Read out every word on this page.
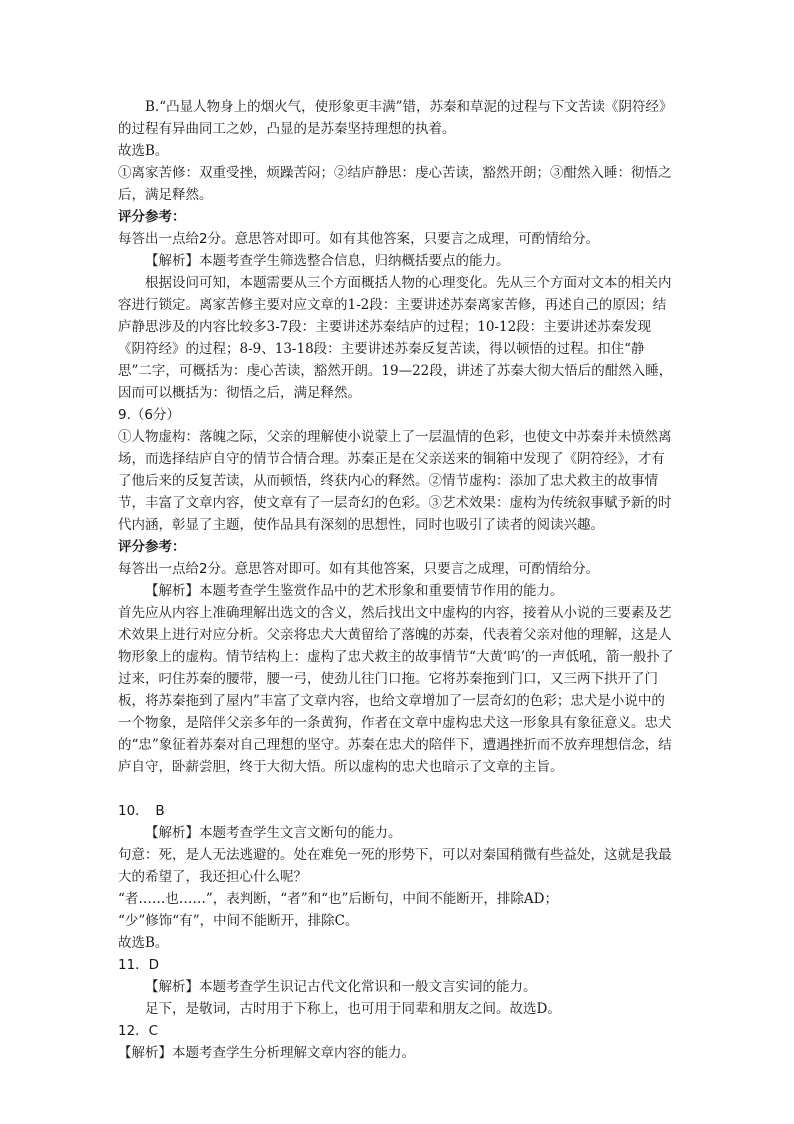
B.“凸显人物身上的烟火气，使形象更丰满”错，苏秦和草泥的过程与下文苦读《阴符经》的过程有异曲同工之妙，凸显的是苏秦坚持理想的执着。

故选B。

①离家苦修：双重受挫，烦躁苦闷；②结庐静思：虔心苦读，豁然开朗；③酣然入睡：彻悟之后，满足释然。

评分参考：

每答出一点给2分。意思答对即可。如有其他答案，只要言之成理，可酌情给分。

【解析】本题考查学生筛选整合信息，归纳概括要点的能力。

根据设问可知，本题需要从三个方面概括人物的心理变化。先从三个方面对文本的相关内容进行锁定。离家苦修主要对应文章的1-2段：主要讲述苏秦离家苦修，再述自己的原因；结庐静思涉及的内容比较多3-7段：主要讲述苏秦结庐的过程；10-12段：主要讲述苏秦发现《阴符经》的过程；8-9、13-18段：主要讲述苏秦反复苦读，得以顿悟的过程。扣住“静思”二字，可概括为：虔心苦读，豁然开朗。19—22段，讲述了苏秦大彻大悟后的酣然入睡，因而可以概括为：彻悟之后，满足释然。

9.（6分）

①人物虚构：落魄之际，父亲的理解使小说蒙上了一层温情的色彩，也使文中苏秦并未愤然离场，而选择结庐自守的情节合情合理。苏秦正是在父亲送来的铜箱中发现了《阴符经》，才有了他后来的反复苦读，从而顿悟，终获内心的释然。②情节虚构：添加了忠犬救主的故事情节，丰富了文章内容，使文章有了一层奇幻的色彩。③艺术效果：虚构为传统叙事赋予新的时代内涵，彰显了主题，使作品具有深刻的思想性，同时也吸引了读者的阅读兴趣。

评分参考：

每答出一点给2分。意思答对即可。如有其他答案，只要言之成理，可酌情给分。

【解析】本题考查学生鉴赏作品中的艺术形象和重要情节作用的能力。

首先应从内容上准确理解出选文的含义，然后找出文中虚构的内容，接着从小说的三要素及艺术效果上进行对应分析。父亲将忠犬大黄留给了落魄的苏秦，代表着父亲对他的理解，这是人物形象上的虚构。情节结构上：虚构了忠犬救主的故事情节“大黄‘呜’的一声低吼，箭一般扑了过来，叼住苏秦的腰带，腰一弓，使劲儿往门口拖。它将苏秦拖到门口，又三两下拱开了门板，将苏秦拖到了屋内”丰富了文章内容，也给文章增加了一层奇幻的色彩；忠犬是小说中的一个物象，是陪伴父亲多年的一条黄狗，作者在文章中虚构忠犬这一形象具有象征意义。忠犬的“忠”象征着苏秦对自己理想的坚守。苏秦在忠犬的陪伴下，遭遇挫折而不放弃理想信念，结庐自守，卧薪尝胆，终于大彻大悟。所以虚构的忠犬也暗示了文章的主旨。

10．　B

【解析】本题考查学生文言文断句的能力。

句意：死，是人无法逃避的。处在难免一死的形势下，可以对秦国稍微有些益处，这就是我最大的希望了，我还担心什么呢？

“者……也……”，表判断，“者”和“也”后断句，中间不能断开，排除AD；

“少”修饰“有”，中间不能断开，排除C。

故选B。

11．D

【解析】本题考查学生识记古代文化常识和一般文言实词的能力。

足下，是敬词，古时用于下称上，也可用于同辈和朋友之间。故选D。

12．C

【解析】本题考查学生分析理解文章内容的能力。
